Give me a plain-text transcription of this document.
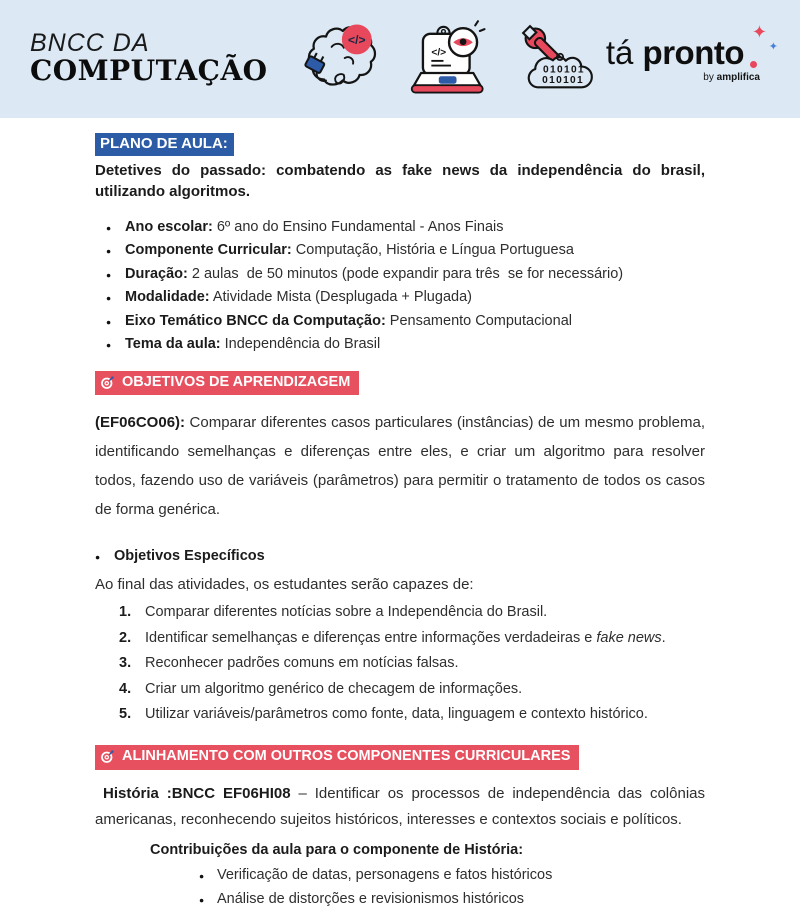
BNCC DA
COMPUTAÇÃO
</>
</>
010101
010101
tá pronto
✦
✦
by amplifica
PLANO DE AULA:
Detetives do passado: combatendo as fake news da independência do brasil, utilizando algoritmos.
● Ano escolar: 6º ano do Ensino Fundamental - Anos Finais
● Componente Curricular: Computação, História e Língua Portuguesa
● Duração: 2 aulas  de 50 minutos (pode expandir para três  se for necessário)
● Modalidade: Atividade Mista (Desplugada + Plugada)
● Eixo Temático BNCC da Computação: Pensamento Computacional
● Tema da aula: Independência do Brasil
OBJETIVOS DE APRENDIZAGEM
(EF06CO06): Comparar diferentes casos particulares (instâncias) de um mesmo problema, identificando semelhanças e diferenças entre eles, e criar um algoritmo para resolver todos, fazendo uso de variáveis (parâmetros) para permitir o tratamento de todos os casos de forma genérica.
● Objetivos Específicos
Ao final das atividades, os estudantes serão capazes de:
1. Comparar diferentes notícias sobre a Independência do Brasil.
2. Identificar semelhanças e diferenças entre informações verdadeiras e fake news.
3. Reconhecer padrões comuns em notícias falsas.
4. Criar um algoritmo genérico de checagem de informações.
5. Utilizar variáveis/parâmetros como fonte, data, linguagem e contexto histórico.
ALINHAMENTO COM OUTROS COMPONENTES CURRICULARES
História :BNCC EF06HI08 – Identificar os processos de independência das colônias americanas, reconhecendo sujeitos históricos, interesses e contextos sociais e políticos.
Contribuições da aula para o componente de História:
● Verificação de datas, personagens e fatos históricos
● Análise de distorções e revisionismos históricos
